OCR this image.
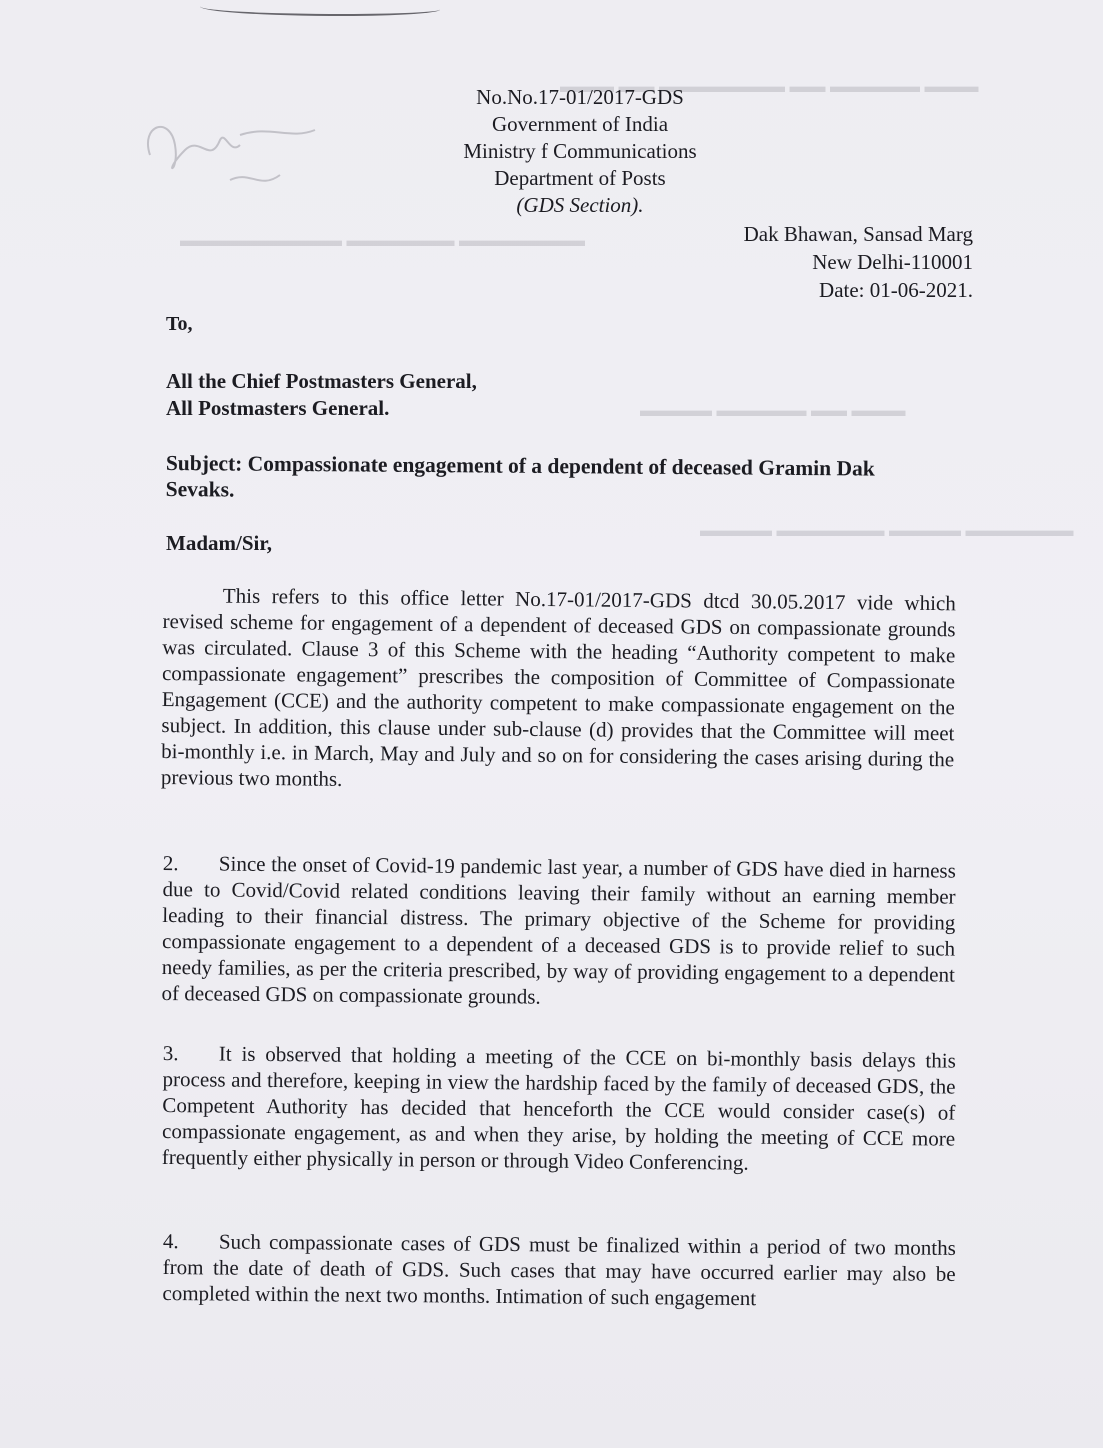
▬▬▬ ▬▬▬▬▬ ▬▬ ▬▬▬▬▬▬▬ ▬▬ ▬▬▬
▬▬▬▬▬▬▬ ▬▬▬▬▬▬ ▬▬▬▬▬▬▬▬▬
▬▬▬ ▬▬ ▬▬▬▬▬ ▬▬▬▬
▬▬▬▬▬▬ ▬▬▬▬ ▬▬▬▬▬▬ ▬▬▬▬
No.No.17-01/2017-GDS
Government of India
Ministry f Communications
Department of Posts
(GDS Section).
Dak Bhawan, Sansad Marg
New Delhi-110001
Date: 01-06-2021.
To,
All the Chief Postmasters General,
All Postmasters General.
Subject: Compassionate engagement of a dependent of deceased Gramin Dak Sevaks.
Madam/Sir,
This refers to this office letter No.17-01/2017-GDS dtcd 30.05.2017 vide which revised scheme for engagement of a dependent of deceased GDS on compassionate grounds was circulated. Clause 3 of this Scheme with the heading “Authority competent to make compassionate engagement” prescribes the composition of Committee of Compassionate Engagement (CCE) and the authority competent to make compassionate engagement on the subject. In addition, this clause under sub-clause (d) provides that the Committee will meet bi-monthly i.e. in March, May and July and so on for considering the cases arising during the previous two months.
2. Since the onset of Covid-19 pandemic last year, a number of GDS have died in harness due to Covid/Covid related conditions leaving their family without an earning member leading to their financial distress. The primary objective of the Scheme for providing compassionate engagement to a dependent of a deceased GDS is to provide relief to such needy families, as per the criteria prescribed, by way of providing engagement to a dependent of deceased GDS on compassionate grounds.
3. It is observed that holding a meeting of the CCE on bi-monthly basis delays this process and therefore, keeping in view the hardship faced by the family of deceased GDS, the Competent Authority has decided that henceforth the CCE would consider case(s) of compassionate engagement, as and when they arise, by holding the meeting of CCE more frequently either physically in person or through Video Conferencing.
4. Such compassionate cases of GDS must be finalized within a period of two months from the date of death of GDS. Such cases that may have occurred earlier may also be completed within the next two months. Intimation of such engagement
